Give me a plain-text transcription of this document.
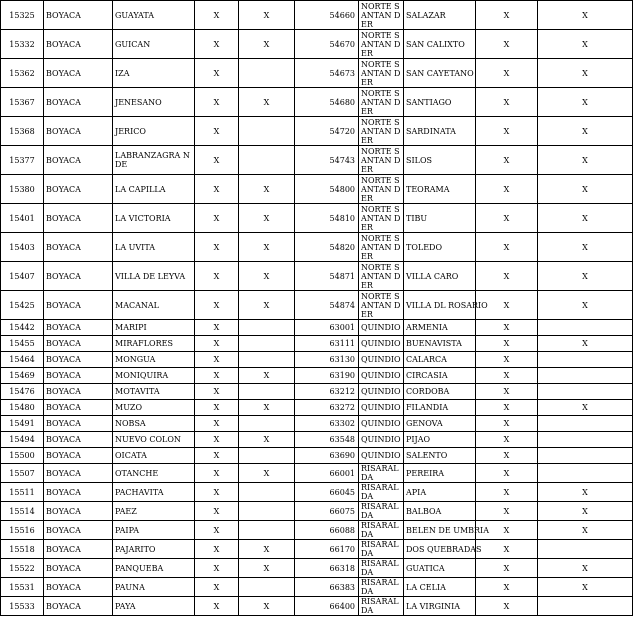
15325	BOYACA	GUAYATA	X	X	54660	NORTE SANTAN DER	SALAZAR	X	X
15332	BOYACA	GUICAN	X	X	54670	NORTE SANTAN DER	SAN CALIXTO	X	X
15362	BOYACA	IZA	X		54673	NORTE SANTAN DER	SAN CAYETANO	X	X
15367	BOYACA	JENESANO	X	X	54680	NORTE SANTAN DER	SANTIAGO	X	X
15368	BOYACA	JERICO	X		54720	NORTE SANTAN DER	SARDINATA	X	X
15377	BOYACA	LABRANZAGRA NDE	X		54743	NORTE SANTAN DER	SILOS	X	X
15380	BOYACA	LA CAPILLA	X	X	54800	NORTE SANTAN DER	TEORAMA	X	X
15401	BOYACA	LA VICTORIA	X	X	54810	NORTE SANTAN DER	TIBU	X	X
15403	BOYACA	LA UVITA	X	X	54820	NORTE SANTAN DER	TOLEDO	X	X
15407	BOYACA	VILLA DE LEYVA	X	X	54871	NORTE SANTAN DER	VILLA CARO	X	X
15425	BOYACA	MACANAL	X	X	54874	NORTE SANTAN DER	VILLA DL ROSARIO	X	X
15442	BOYACA	MARIPI	X		63001	QUINDIO	ARMENIA	X	
15455	BOYACA	MIRAFLORES	X		63111	QUINDIO	BUENAVISTA	X	X
15464	BOYACA	MONGUA	X		63130	QUINDIO	CALARCA	X	
15469	BOYACA	MONIQUIRA	X	X	63190	QUINDIO	CIRCASIA	X	
15476	BOYACA	MOTAVITA	X		63212	QUINDIO	CORDOBA	X	
15480	BOYACA	MUZO	X	X	63272	QUINDIO	FILANDIA	X	X
15491	BOYACA	NOBSA	X		63302	QUINDIO	GENOVA	X	
15494	BOYACA	NUEVO COLON	X	X	63548	QUINDIO	PIJAO	X	
15500	BOYACA	OICATA	X		63690	QUINDIO	SALENTO	X	
15507	BOYACA	OTANCHE	X	X	66001	RISARAL DA	PEREIRA	X	
15511	BOYACA	PACHAVITA	X		66045	RISARAL DA	APIA	X	X
15514	BOYACA	PAEZ	X		66075	RISARAL DA	BALBOA	X	X
15516	BOYACA	PAIPA	X		66088	RISARAL DA	BELEN DE UMBRIA	X	X
15518	BOYACA	PAJARITO	X	X	66170	RISARAL DA	DOS QUEBRADAS	X	
15522	BOYACA	PANQUEBA	X	X	66318	RISARAL DA	GUATICA	X	X
15531	BOYACA	PAUNA	X		66383	RISARAL DA	LA CELIA	X	X
15533	BOYACA	PAYA	X	X	66400	RISARAL DA	LA VIRGINIA	X	
